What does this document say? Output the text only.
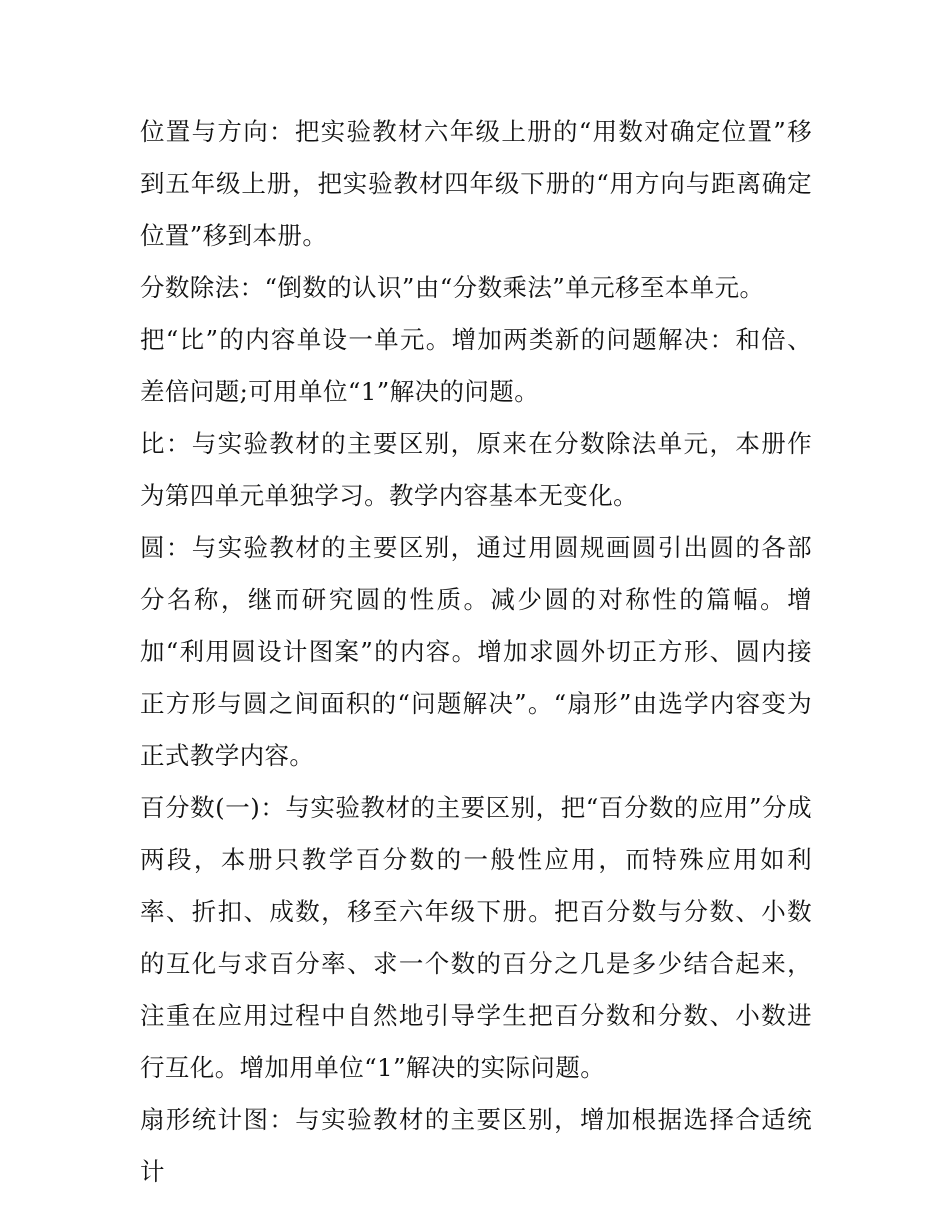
位置与方向：把实验教材六年级上册的“用数对确定位置”移到五年级上册，把实验教材四年级下册的“用方向与距离确定位置”移到本册。

分数除法：“倒数的认识”由“分数乘法”单元移至本单元。

把“比”的内容单设一单元。增加两类新的问题解决：和倍、差倍问题;可用单位“1”解决的问题。

比：与实验教材的主要区别，原来在分数除法单元，本册作为第四单元单独学习。教学内容基本无变化。

圆：与实验教材的主要区别，通过用圆规画圆引出圆的各部分名称，继而研究圆的性质。减少圆的对称性的篇幅。增加“利用圆设计图案”的内容。增加求圆外切正方形、圆内接正方形与圆之间面积的“问题解决”。“扇形”由选学内容变为正式教学内容。

百分数(一)：与实验教材的主要区别，把“百分数的应用”分成两段，本册只教学百分数的一般性应用，而特殊应用如利率、折扣、成数，移至六年级下册。把百分数与分数、小数的互化与求百分率、求一个数的百分之几是多少结合起来，注重在应用过程中自然地引导学生把百分数和分数、小数进行互化。增加用单位“1”解决的实际问题。

扇形统计图：与实验教材的主要区别，增加根据选择合适统计
